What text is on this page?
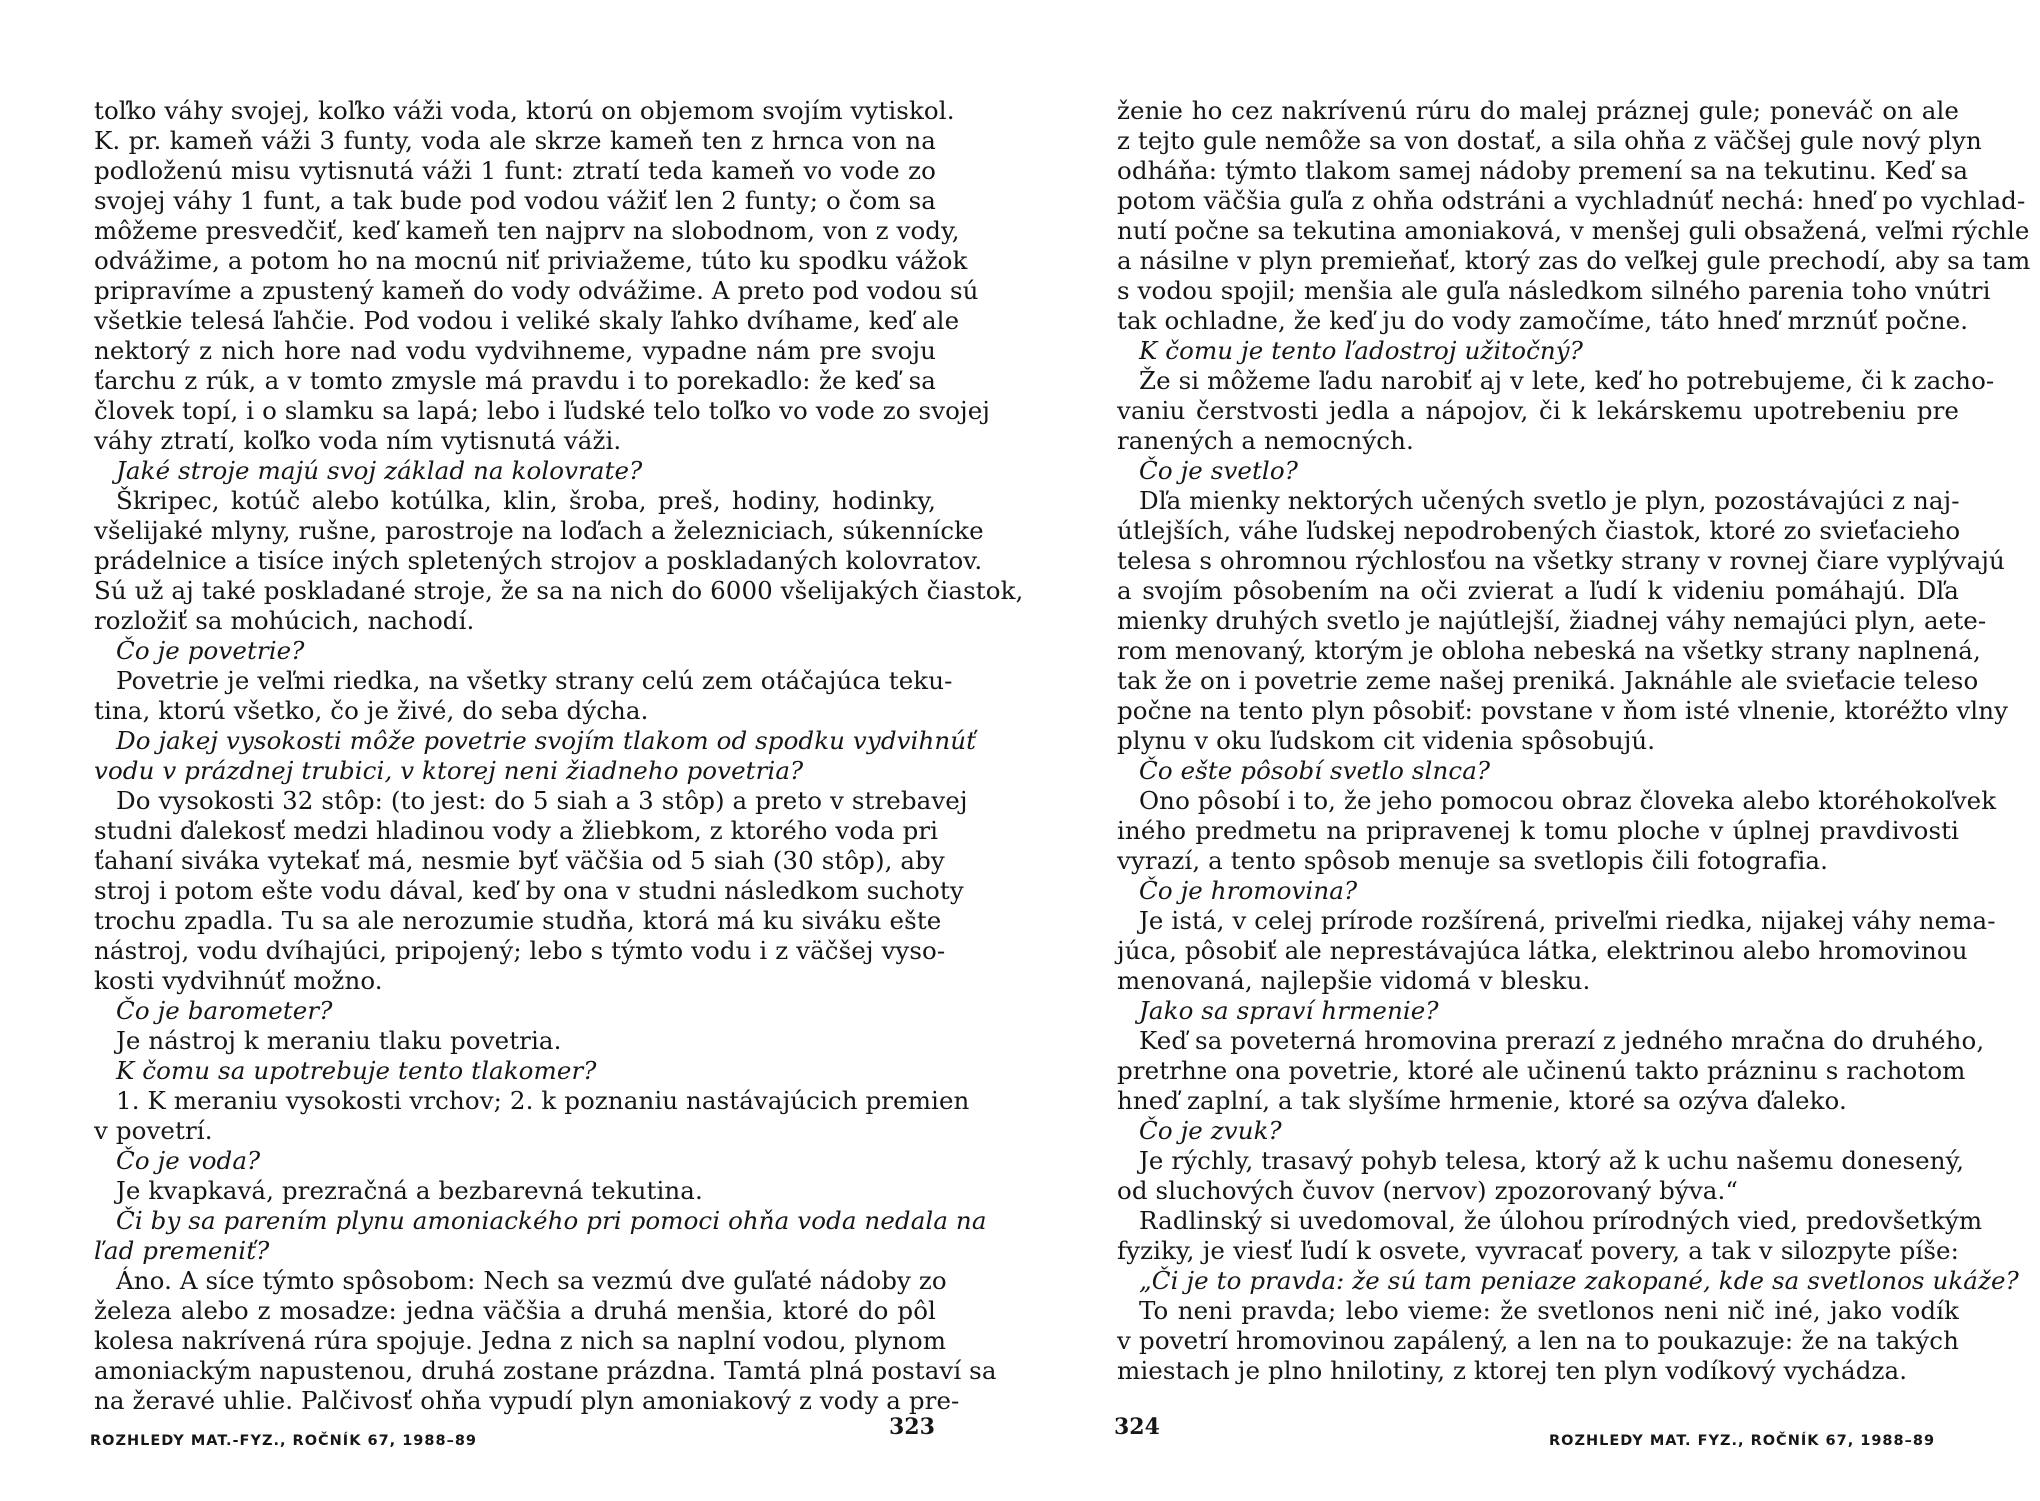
toľko váhy svojej, koľko váži voda, ktorú on objemom svojím vytiskol.
K. pr. kameň váži 3 funty, voda ale skrze kameň ten z hrnca von na
podloženú misu vytisnutá váži 1 funt: ztratí teda kameň vo vode zo
svojej váhy 1 funt, a tak bude pod vodou vážiť len 2 funty; o čom sa
môžeme presvedčiť, keď kameň ten najprv na slobodnom, von z vody,
odvážime, a potom ho na mocnú niť priviažeme, túto ku spodku vážok
pripravíme a zpustený kameň do vody odvážime. A preto pod vodou sú
všetkie telesá ľahčie. Pod vodou i veliké skaly ľahko dvíhame, keď ale
nektorý z nich hore nad vodu vydvihneme, vypadne nám pre svoju
ťarchu z rúk, a v tomto zmysle má pravdu i to porekadlo: že keď sa
človek topí, i o slamku sa lapá; lebo i ľudské telo toľko vo vode zo svojej
váhy ztratí, koľko voda ním vytisnutá váži.
Jaké stroje majú svoj základ na kolovrate?
Škripec, kotúč alebo kotúlka, klin, šroba, preš, hodiny, hodinky,
všelijaké mlyny, rušne, parostroje na loďach a železniciach, súkennícke
prádelnice a tisíce iných spletených strojov a poskladaných kolovratov.
Sú už aj také poskladané stroje, že sa na nich do 6000 všelijakých čiastok,
rozložiť sa mohúcich, nachodí.
Čo je povetrie?
Povetrie je veľmi riedka, na všetky strany celú zem otáčajúca teku-
tina, ktorú všetko, čo je živé, do seba dýcha.
Do jakej vysokosti môže povetrie svojím tlakom od spodku vydvihnúť
vodu v prázdnej trubici, v ktorej neni žiadneho povetria?
Do vysokosti 32 stôp: (to jest: do 5 siah a 3 stôp) a preto v strebavej
studni ďalekosť medzi hladinou vody a žliebkom, z ktorého voda pri
ťahaní siváka vytekať má, nesmie byť väčšia od 5 siah (30 stôp), aby
stroj i potom ešte vodu dával, keď by ona v studni následkom suchoty
trochu zpadla. Tu sa ale nerozumie studňa, ktorá má ku siváku ešte
nástroj, vodu dvíhajúci, pripojený; lebo s týmto vodu i z väčšej vyso-
kosti vydvihnúť možno.
Čo je barometer?
Je nástroj k meraniu tlaku povetria.
K čomu sa upotrebuje tento tlakomer?
1. K meraniu vysokosti vrchov; 2. k poznaniu nastávajúcich premien
v povetrí.
Čo je voda?
Je kvapkavá, prezračná a bezbarevná tekutina.
Či by sa parením plynu amoniackého pri pomoci ohňa voda nedala na
ľad premeniť?
Áno. A síce týmto spôsobom: Nech sa vezmú dve guľaté nádoby zo
železa alebo z mosadze: jedna väčšia a druhá menšia, ktoré do pôl
kolesa nakrívená rúra spojuje. Jedna z nich sa naplní vodou, plynom
amoniackým napustenou, druhá zostane prázdna. Tamtá plná postaví sa
na žeravé uhlie. Palčivosť ohňa vypudí plyn amoniakový z vody a pre-
323
ROZHLEDY MAT.-FYZ., ROČNÍK 67, 1988–89
ženie ho cez nakrívenú rúru do malej práznej gule; poneváč on ale
z tejto gule nemôže sa von dostať, a sila ohňa z väčšej gule nový plyn
odháňa: týmto tlakom samej nádoby premení sa na tekutinu. Keď sa
potom väčšia guľa z ohňa odstráni a vychladnúť nechá: hneď po vychlad-
nutí počne sa tekutina amoniaková, v menšej guli obsažená, veľmi rýchle
a násilne v plyn premieňať, ktorý zas do veľkej gule prechodí, aby sa tam
s vodou spojil; menšia ale guľa následkom silného parenia toho vnútri
tak ochladne, že keď ju do vody zamočíme, táto hneď mrznúť počne.
K čomu je tento ľadostroj užitočný?
Že si môžeme ľadu narobiť aj v lete, keď ho potrebujeme, či k zacho-
vaniu čerstvosti jedla a nápojov, či k lekárskemu upotrebeniu pre
ranených a nemocných.
Čo je svetlo?
Dľa mienky nektorých učených svetlo je plyn, pozostávajúci z naj-
útlejších, váhe ľudskej nepodrobených čiastok, ktoré zo svieťacieho
telesa s ohromnou rýchlosťou na všetky strany v rovnej čiare vyplývajú
a svojím pôsobením na oči zvierat a ľudí k videniu pomáhajú. Dľa
mienky druhých svetlo je najútlejší, žiadnej váhy nemajúci plyn, aete-
rom menovaný, ktorým je obloha nebeská na všetky strany naplnená,
tak že on i povetrie zeme našej preniká. Jaknáhle ale svieťacie teleso
počne na tento plyn pôsobiť: povstane v ňom isté vlnenie, ktoréžto vlny
plynu v oku ľudskom cit videnia spôsobujú.
Čo ešte pôsobí svetlo slnca?
Ono pôsobí i to, že jeho pomocou obraz človeka alebo ktoréhokoľvek
iného predmetu na pripravenej k tomu ploche v úplnej pravdivosti
vyrazí, a tento spôsob menuje sa svetlopis čili fotografia.
Čo je hromovina?
Je istá, v celej prírode rozšírená, priveľmi riedka, nijakej váhy nema-
júca, pôsobiť ale neprestávajúca látka, elektrinou alebo hromovinou
menovaná, najlepšie vidomá v blesku.
Jako sa spraví hrmenie?
Keď sa poveterná hromovina prerazí z jedného mračna do druhého,
pretrhne ona povetrie, ktoré ale učinenú takto prázninu s rachotom
hneď zaplní, a tak slyšíme hrmenie, ktoré sa ozýva ďaleko.
Čo je zvuk?
Je rýchly, trasavý pohyb telesa, ktorý až k uchu našemu donesený,
od sluchových čuvov (nervov) zpozorovaný býva.“
Radlinský si uvedomoval, že úlohou prírodných vied, predovšetkým
fyziky, je viesť ľudí k osvete, vyvracať povery, a tak v silozpyte píše:
„Či je to pravda: že sú tam peniaze zakopané, kde sa svetlonos ukáže?
To neni pravda; lebo vieme: že svetlonos neni nič iné, jako vodík
v povetrí hromovinou zapálený, a len na to poukazuje: že na takých
miestach je plno hnilotiny, z ktorej ten plyn vodíkový vychádza.
324
ROZHLEDY MAT. FYZ., ROČNÍK 67, 1988–89
